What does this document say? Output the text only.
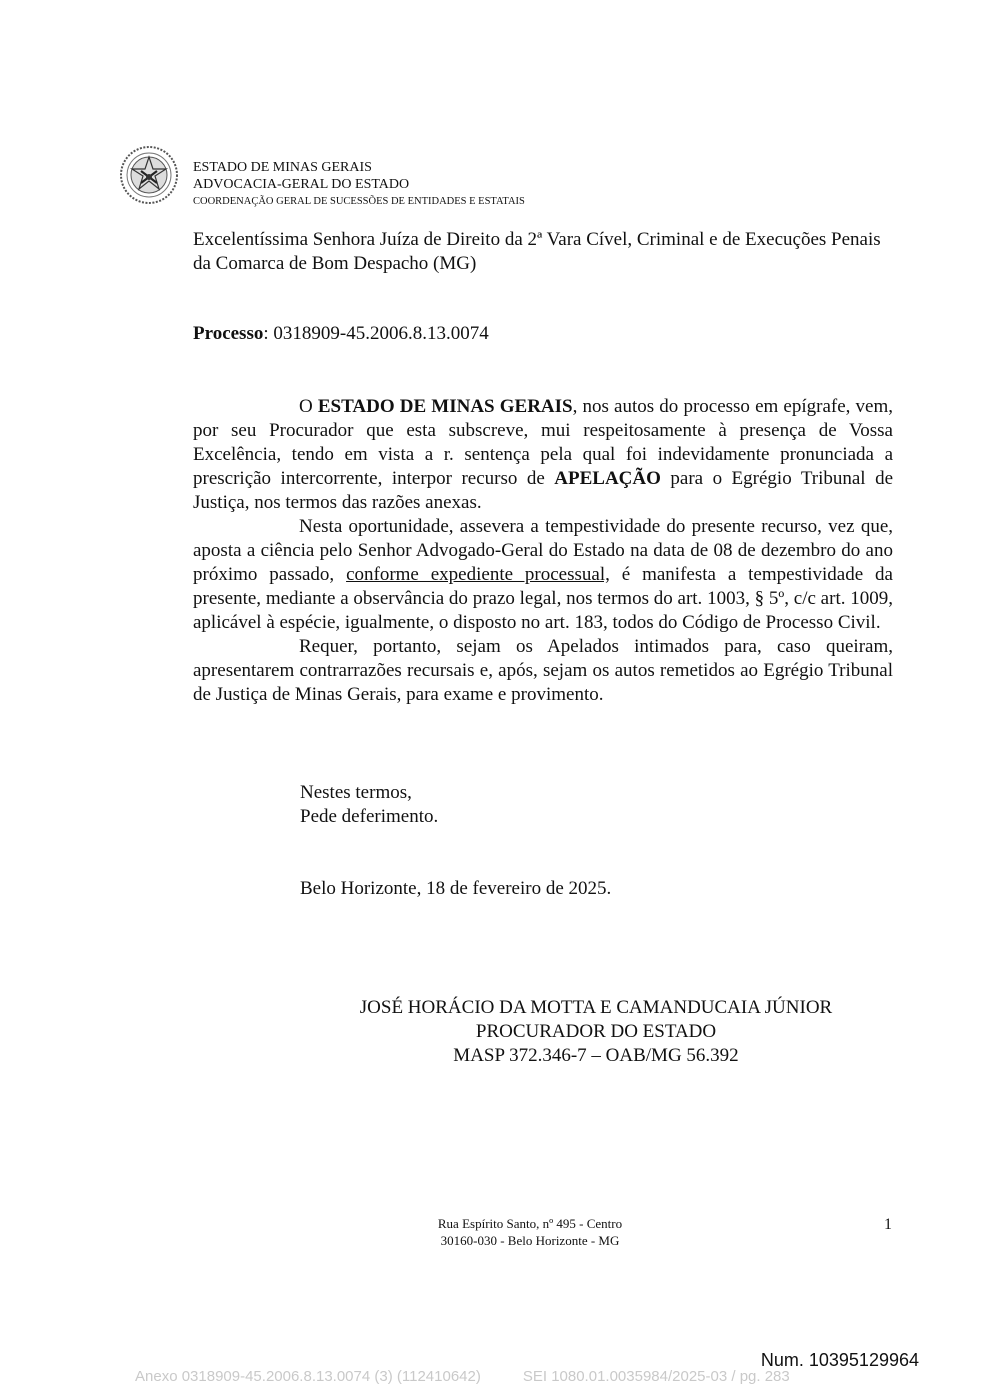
ESTADO DE MINAS GERAIS
ADVOCACIA-GERAL DO ESTADO
COORDENAÇÃO GERAL DE SUCESSÕES DE ENTIDADES E ESTATAIS

Excelentíssima Senhora Juíza de Direito da 2ª Vara Cível, Criminal e de Execuções Penais da Comarca de Bom Despacho (MG)

Processo: 0318909-45.2006.8.13.0074

O ESTADO DE MINAS GERAIS, nos autos do processo em epígrafe, vem, por seu Procurador que esta subscreve, mui respeitosamente à presença de Vossa Excelência, tendo em vista a r. sentença pela qual foi indevidamente pronunciada a prescrição intercorrente, interpor recurso de APELAÇÃO para o Egrégio Tribunal de Justiça, nos termos das razões anexas.

Nesta oportunidade, assevera a tempestividade do presente recurso, vez que, aposta a ciência pelo Senhor Advogado-Geral do Estado na data de 08 de dezembro do ano próximo passado, conforme expediente processual, é manifesta a tempestividade da presente, mediante a observância do prazo legal, nos termos do art. 1003, § 5º, c/c art. 1009, aplicável à espécie, igualmente, o disposto no art. 183, todos do Código de Processo Civil.

Requer, portanto, sejam os Apelados intimados para, caso queiram, apresentarem contrarrazões recursais e, após, sejam os autos remetidos ao Egrégio Tribunal de Justiça de Minas Gerais, para exame e provimento.

Nestes termos,

Pede deferimento.

Belo Horizonte, 18 de fevereiro de 2025.

JOSÉ HORÁCIO DA MOTTA E CAMANDUCAIA JÚNIOR

PROCURADOR DO ESTADO

MASP 372.346-7 – OAB/MG 56.392

Rua Espírito Santo, nº 495 - Centro

30160-030 - Belo Horizonte - MG

1
Num. 10395129964
Anexo 0318909-45.2006.8.13.0074 (3) (112410642)	SEI 1080.01.0035984/2025-03 / pg. 283
